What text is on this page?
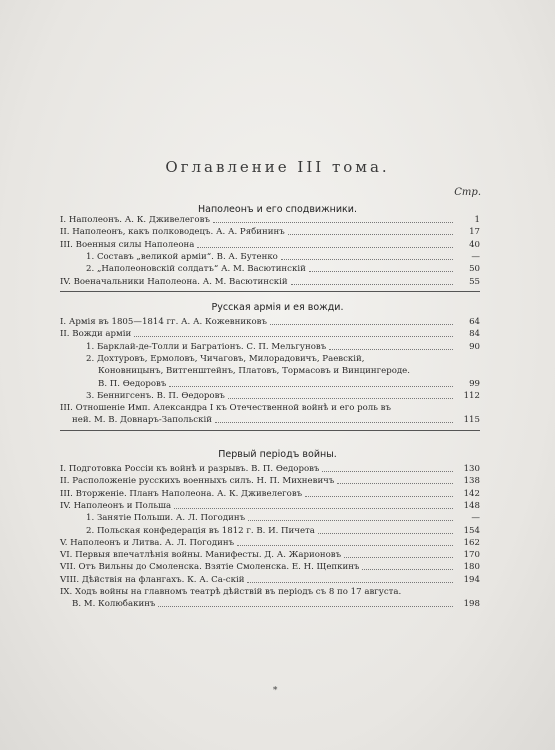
Оглавление III тома.
Стр.
Наполеонъ и его сподвижники.
I. Наполеонъ. А. К. Дживелеговъ	1
II. Наполеонъ, какъ полководецъ. А. А. Рябининъ	17
III. Военныя силы Наполеона	40
1. Составъ „великой арміи“. В. А. Бутенко	—
2. „Наполеоновскій солдатъ“ А. М. Васютинскій	50
IV. Военачальники Наполеона. А. М. Васютинскій	55
Русская армія и ея вожди.
I. Армія въ 1805—1814 гг. А. А. Кожевниковъ	64
II. Вожди арміи	84
1. Барклай-де-Толли и Багратіонъ. С. П. Мельгуновъ	90
2. Дохтуровъ, Ермоловъ, Чичаговъ, Милорадовичъ, Раевскій,
Коновницынъ, Витгенштейнъ, Платовъ, Тормасовъ и Винцингероде.
В. П. Өедоровъ	99
3. Беннигсенъ. В. П. Өедоровъ	112
III. Отношеніе Имп. Александра I къ Отечественной войнѣ и его роль въ
ней. М. В. Довнаръ-Запольскій	115
Первый періодъ войны.
I. Подготовка Россіи къ войнѣ и разрывъ. В. П. Өедоровъ	130
II. Расположеніе русскихъ военныхъ силъ. Н. П. Михневичъ	138
III. Вторженіе. Планъ Наполеона. А. К. Дживелеговъ	142
IV. Наполеонъ и Польша	148
1. Занятіе Польши. А. Л. Погодинъ	—
2. Польская конфедерація въ 1812 г. В. И. Пичета	154
V. Наполеонъ и Литва. А. Л. Погодинъ	162
VI. Первыя впечатлѣнія войны. Манифесты. Д. А. Жарионовъ	170
VII. Отъ Вильны до Смоленска. Взятіе Смоленска. Е. Н. Щепкинъ	180
VIII. Дѣйствія на флангахъ. К. А. Са-скій	194
IX. Ходъ войны на главномъ театрѣ дѣйствій въ періодъ съ 8 по 17 августа.
В. М. Колюбакинъ	198
∗
